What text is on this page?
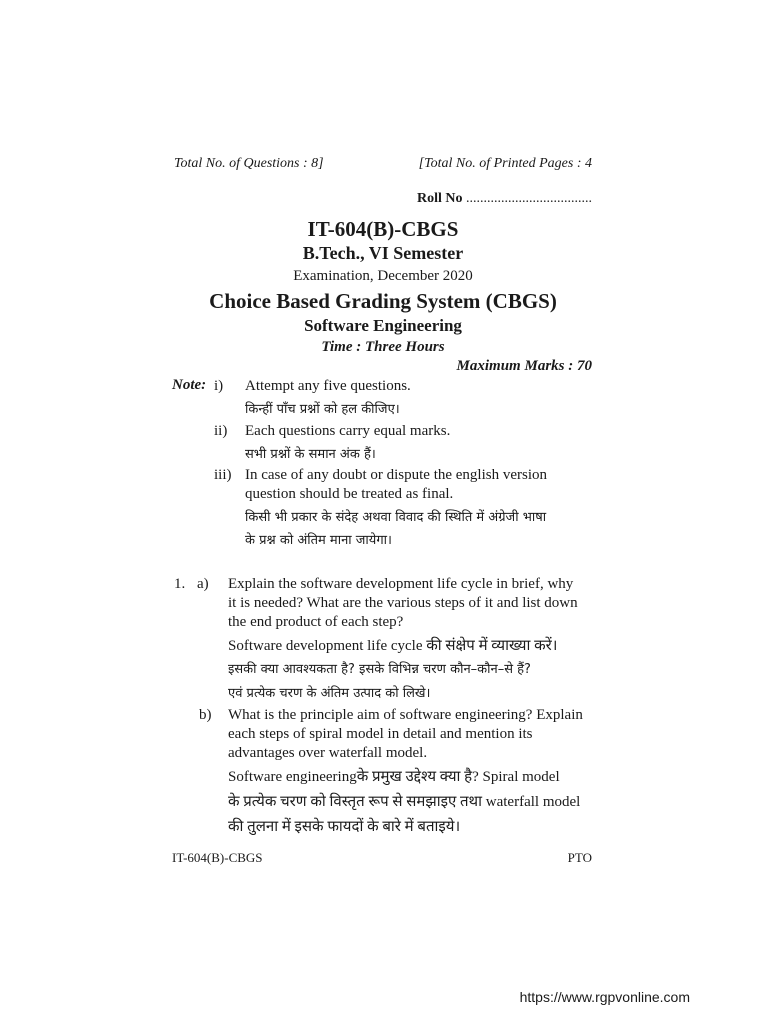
Total No. of Questions : 8]	[Total No. of Printed Pages : 4
Roll No ....................................
IT-604(B)-CBGS
B.Tech., VI Semester
Examination, December 2020
Choice Based Grading System (CBGS)
Software Engineering
Time : Three Hours
Maximum Marks : 70
Note: i) Attempt any five questions.
किन्हीं पाँच प्रश्नों को हल कीजिए।
ii) Each questions carry equal marks.
सभी प्रश्नों के समान अंक हैं।
iii) In case of any doubt or dispute the english version
question should be treated as final.
किसी भी प्रकार के संदेह अथवा विवाद की स्थिति में अंग्रेजी भाषा
के प्रश्न को अंतिम माना जायेगा।
1. a) Explain the software development life cycle in brief, why
it is needed? What are the various steps of it and list down
the end product of each step?
Software development life cycle की संक्षेप में व्याख्या करें।
इसकी क्या आवश्यकता है? इसके विभिन्न चरण कौन–कौन–से हैं?
एवं प्रत्येक चरण के अंतिम उत्पाद को लिखे।
b) What is the principle aim of software engineering? Explain
each steps of spiral model in detail and mention its
advantages over waterfall model.
Software engineeringके प्रमुख उद्देश्य क्या है? Spiral model
के प्रत्येक चरण को विस्तृत रूप से समझाइए तथा waterfall model
की तुलना में इसके फायदों के बारे में बताइये।
IT-604(B)-CBGS	PTO
https://www.rgpvonline.com
